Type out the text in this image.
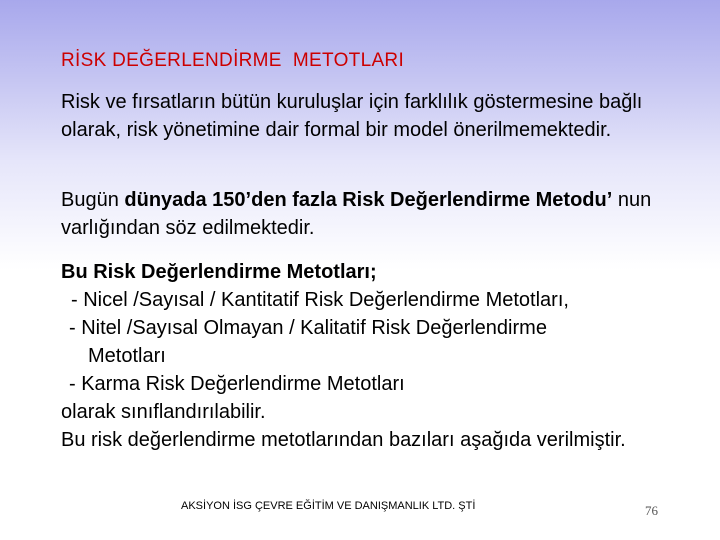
RİSK DEĞERLENDİRME  METOTLARI
Risk ve fırsatların bütün kuruluşlar için farklılık göstermesine bağlı olarak, risk yönetimine dair formal bir model önerilmemektedir.
Bugün dünyada 150’den fazla Risk Değerlendirme Metodu’ nun varlığından söz edilmektedir.
Bu Risk Değerlendirme Metotları;
- Nicel /Sayısal / Kantitatif Risk Değerlendirme Metotları,
- Nitel /Sayısal Olmayan / Kalitatif Risk Değerlendirme
Metotları
- Karma Risk Değerlendirme Metotları
olarak sınıflandırılabilir.
Bu risk değerlendirme metotlarından bazıları aşağıda verilmiştir.
AKSİYON İSG ÇEVRE EĞİTİM VE DANIŞMANLIK LTD. ŞTİ	76
